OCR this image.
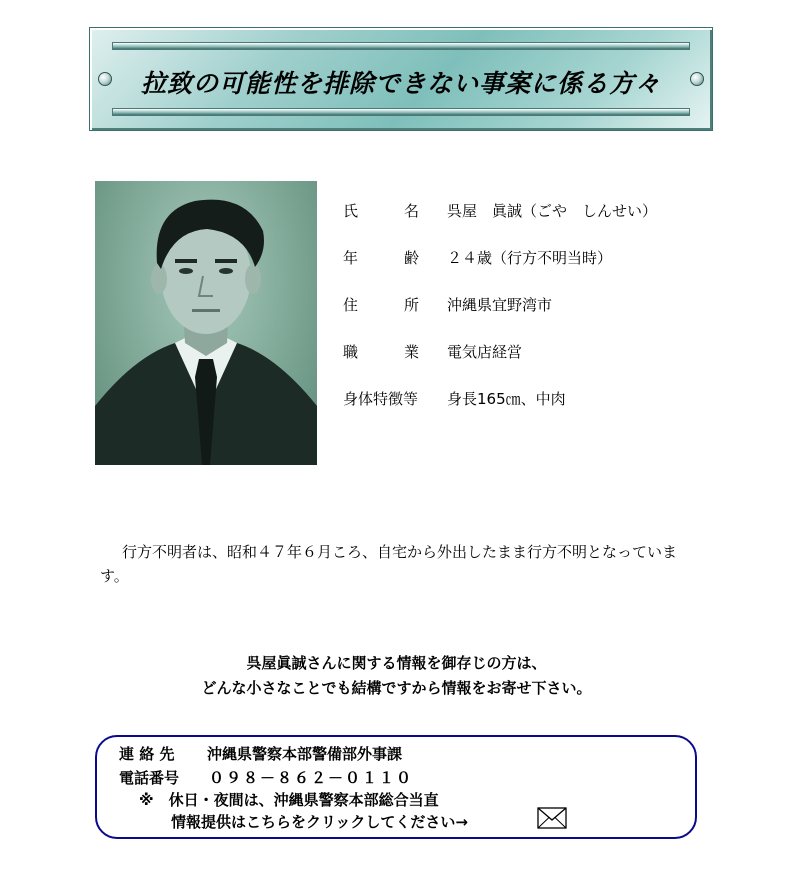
拉致の可能性を排除できない事案に係る方々
氏	名 呉屋　眞誠（ごや　しんせい）
年	齢 ２４歳（行方不明当時）
住	所 沖縄県宜野湾市
職	業 電気店経営
身体特徴等	身長165㎝、中肉
行方不明者は、昭和４７年６月ころ、自宅から外出したまま行方不明となっています。
呉屋眞誠さんに関する情報を御存じの方は、
どんな小さなことでも結構ですから情報をお寄せ下さい。
連 絡 先 沖縄県警察本部警備部外事課
電話番号 ０９８－８６２－０１１０
※　休日・夜間は、沖縄県警察本部総合当直
情報提供はこちらをクリックしてください→
